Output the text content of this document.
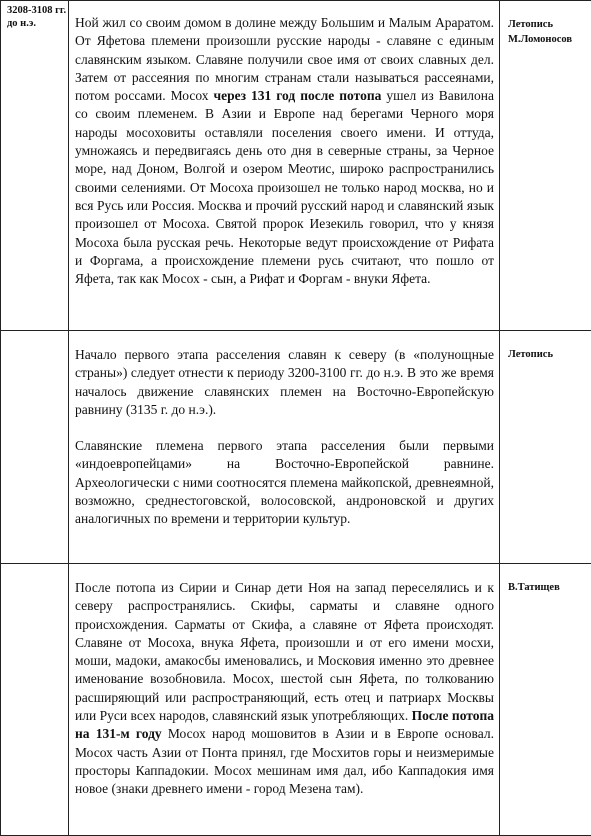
3208-3108 гг. до н.э.	Ной жил со своим домом в долине между Большим и Малым Араратом. От Яфетова племени произошли русские народы - славяне с единым славянским языком. Славяне получили свое имя от своих славных дел. Затем от рассеяния по многим странам стали называться рассеянами, потом россами. Мосох через 131 год после потопа ушел из Вавилона со своим племенем. В Азии и Европе над берегами Черного моря народы мосоховиты оставляли поселения своего имени. И оттуда, умножаясь и передвигаясь день ото дня в северные страны, за Черное море, над Доном, Волгой и озером Меотис, широко распространились своими селениями. От Мосоха произошел не только народ москва, но и вся Русь или Россия. Москва и прочий русский народ и славянский язык произошел от Мосоха. Святой пророк Иезекиль говорил, что у князя Мосоха была русская речь. Некоторые ведут происхождение от Рифата и Форгама, а происхождение племени русь считают, что пошло от Яфета, так как Мосох - сын, а Рифат и Форгам - внуки Яфета.	Летопись М.Ломоносов

	Начало первого этапа расселения славян к северу (в «полунощные страны») следует отнести к периоду 3200-3100 гг. до н.э. В это же время началось движение славянских племен на Восточно-Европейскую равнину (3135 г. до н.э.).

Славянские племена первого этапа расселения были первыми «индоевропейцами» на Восточно-Европейской равнине. Археологически с ними соотносятся племена майкопской, древнеямной, возможно, среднестоговской, волосовской, андроновской и других аналогичных по времени и территории культур.	Летопись

	После потопа из Сирии и Синар дети Ноя на запад переселялись и к северу распространялись. Скифы, сарматы и славяне одного происхождения. Сарматы от Скифа, а славяне от Яфета происходят. Славяне от Мосоха, внука Яфета, произошли и от его имени мосхи, моши, мадоки, амакосбы именовались, и Московия именно это древнее именование возобновила. Мосох, шестой сын Яфета, по толкованию расширяющий или распространяющий, есть отец и патриарх Москвы или Руси всех народов, славянский язык употребляющих. После потопа на 131-м году Мосох народ мошовитов в Азии и в Европе основал. Мосох часть Азии от Понта принял, где Мосхитов горы и неизмеримые просторы Каппадокии. Мосох мешинам имя дал, ибо Каппадокия имя новое (знаки древнего имени - город Мезена там).	В.Татищев
